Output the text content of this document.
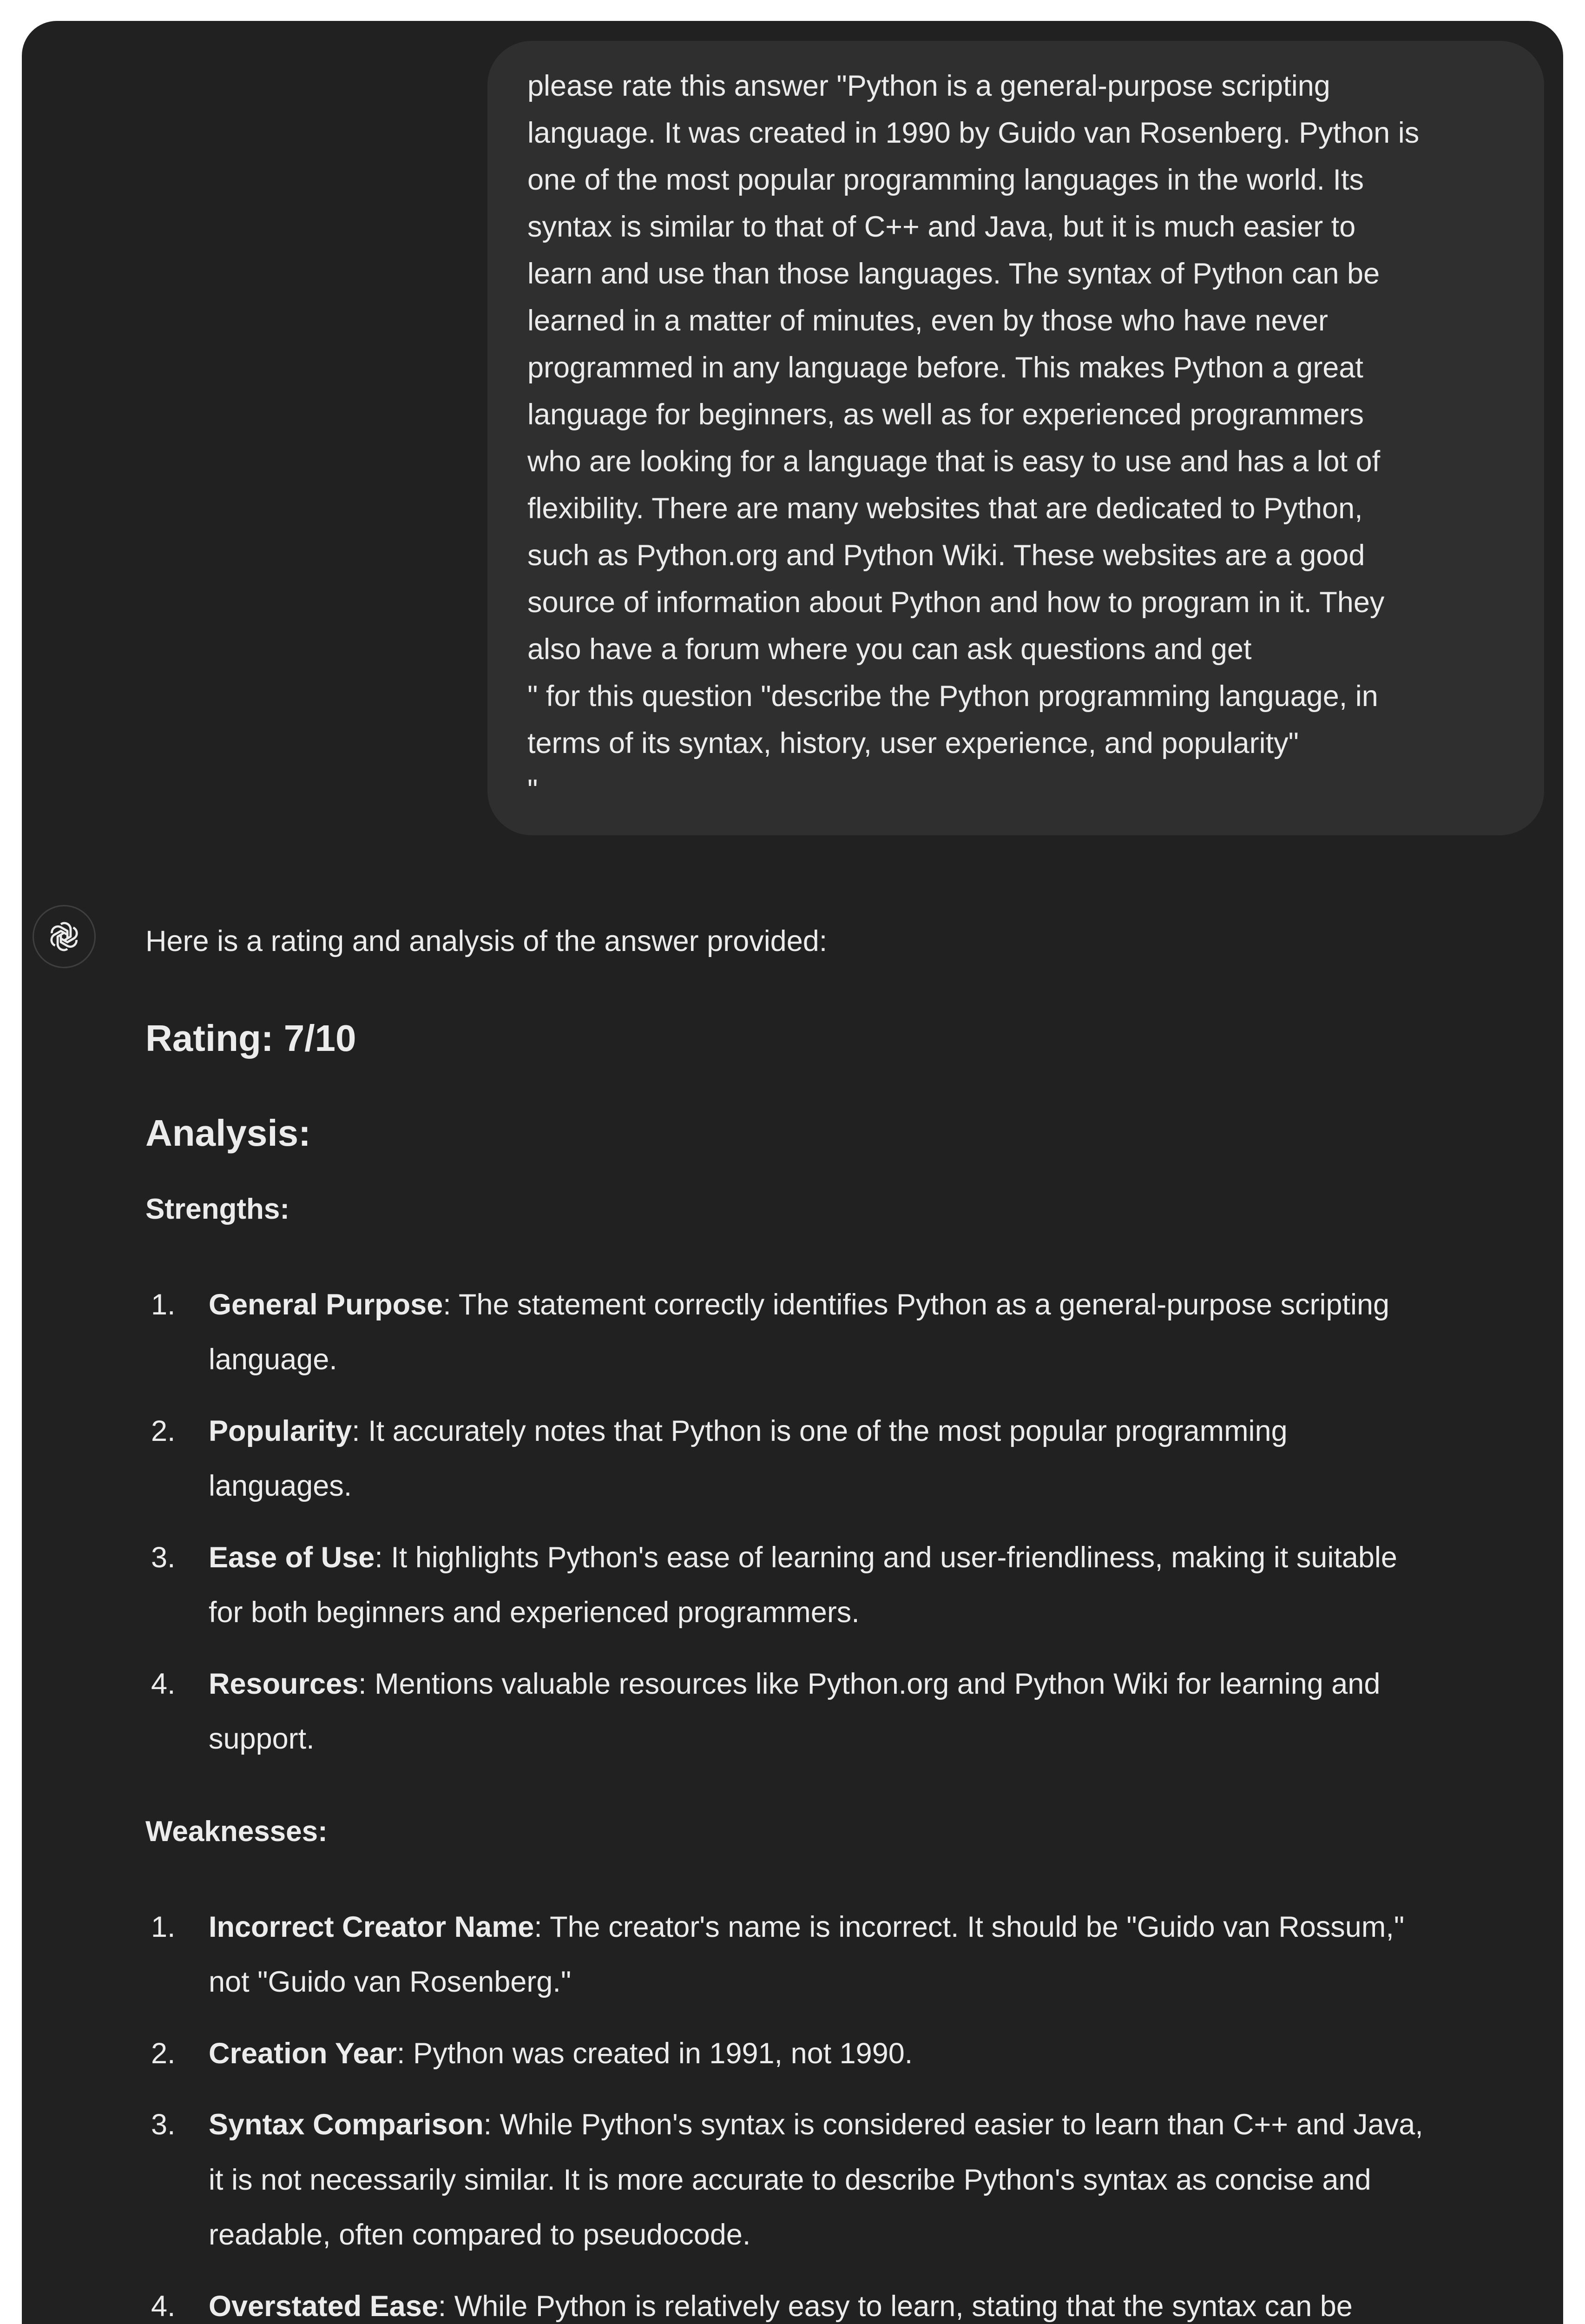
please rate this answer "Python is a general-purpose scripting
language. It was created in 1990 by Guido van Rosenberg. Python is
one of the most popular programming languages in the world. Its
syntax is similar to that of C++ and Java, but it is much easier to
learn and use than those languages. The syntax of Python can be
learned in a matter of minutes, even by those who have never
programmed in any language before. This makes Python a great
language for beginners, as well as for experienced programmers
who are looking for a language that is easy to use and has a lot of
flexibility. There are many websites that are dedicated to Python,
such as Python.org and Python Wiki. These websites are a good
source of information about Python and how to program in it. They
also have a forum where you can ask questions and get
" for this question "describe the Python programming language, in
terms of its syntax, history, user experience, and popularity"
"
Here is a rating and analysis of the answer provided:
Rating: 7/10
Analysis:
Strengths:
1. General Purpose: The statement correctly identifies Python as a general-purpose scripting
language.
2. Popularity: It accurately notes that Python is one of the most popular programming
languages.
3. Ease of Use: It highlights Python's ease of learning and user-friendliness, making it suitable
for both beginners and experienced programmers.
4. Resources: Mentions valuable resources like Python.org and Python Wiki for learning and
support.
Weaknesses:
1. Incorrect Creator Name: The creator's name is incorrect. It should be "Guido van Rossum,"
not "Guido van Rosenberg."
2. Creation Year: Python was created in 1991, not 1990.
3. Syntax Comparison: While Python's syntax is considered easier to learn than C++ and Java,
it is not necessarily similar. It is more accurate to describe Python's syntax as concise and
readable, often compared to pseudocode.
4. Overstated Ease: While Python is relatively easy to learn, stating that the syntax can be
